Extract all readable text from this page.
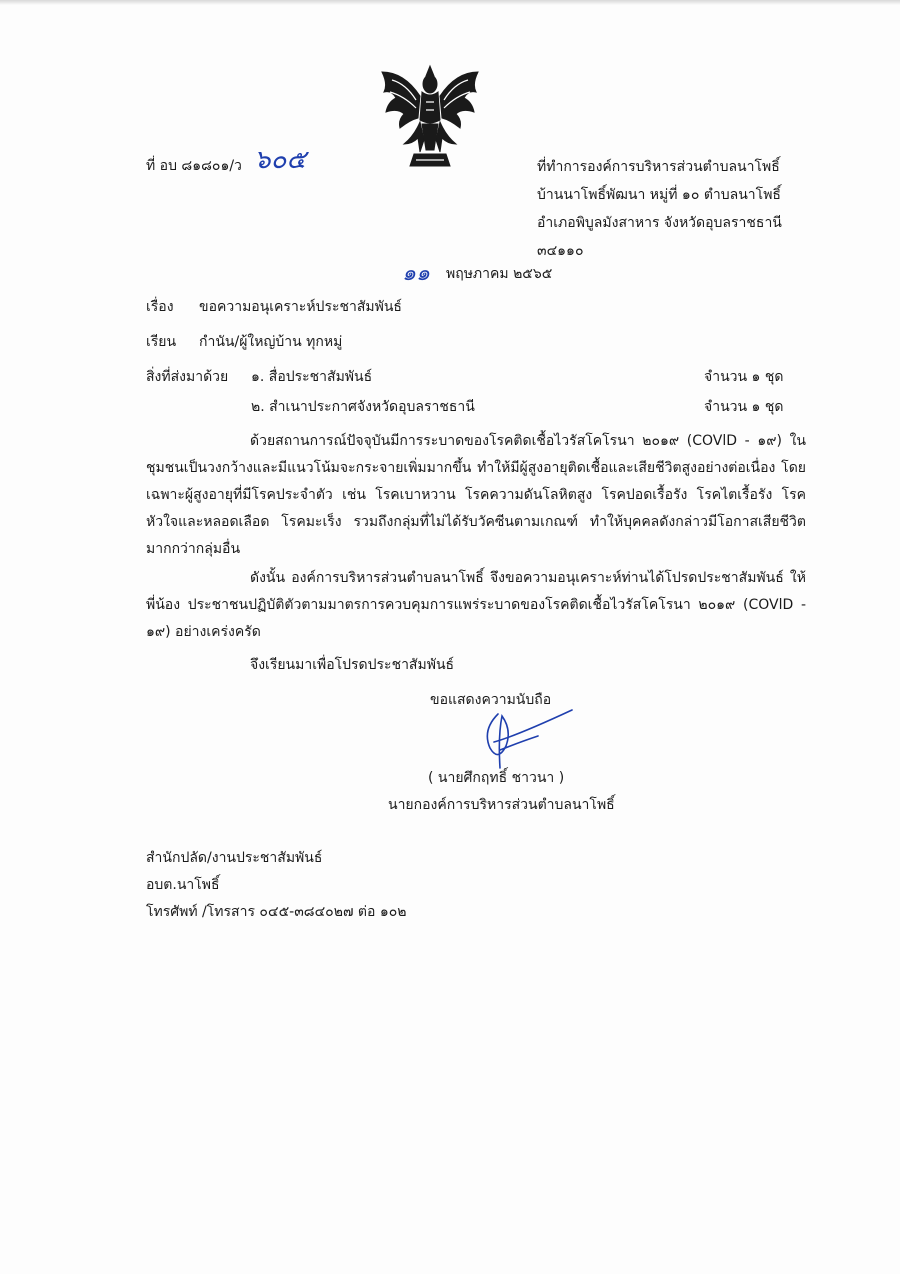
ที่ อบ ๘๑๘๐๑/ว ๖๐๕	ที่ทำการองค์การบริหารส่วนตำบลนาโพธิ์
บ้านนาโพธิ์พัฒนา หมู่ที่ ๑๐ ตำบลนาโพธิ์
อำเภอพิบูลมังสาหาร จังหวัดอุบลราชธานี
๓๔๑๑๐
๑๑ พฤษภาคม ๒๕๖๕
เรื่อง ขอความอนุเคราะห์ประชาสัมพันธ์
เรียน กำนัน/ผู้ใหญ่บ้าน ทุกหมู่
สิ่งที่ส่งมาด้วย ๑. สื่อประชาสัมพันธ์	จำนวน ๑ ชุด
๒. สำเนาประกาศจังหวัดอุบลราชธานี	จำนวน ๑ ชุด
ด้วยสถานการณ์ปัจจุบันมีการระบาดของโรคติดเชื้อไวรัสโคโรนา ๒๐๑๙ (COVlD - ๑๙) ในชุมชนเป็นวงกว้างและมีแนวโน้มจะกระจายเพิ่มมากขึ้น ทำให้มีผู้สูงอายุติดเชื้อและเสียชีวิตสูงอย่างต่อเนื่อง โดยเฉพาะผู้สูงอายุที่มีโรคประจำตัว เช่น โรคเบาหวาน โรคความดันโลหิตสูง โรคปอดเรื้อรัง โรคไตเรื้อรัง โรคหัวใจและหลอดเลือด โรคมะเร็ง รวมถึงกลุ่มที่ไม่ได้รับวัคซีนตามเกณฑ์ ทำให้บุคคลดังกล่าวมีโอกาสเสียชีวิตมากกว่ากลุ่มอื่น
ดังนั้น องค์การบริหารส่วนตำบลนาโพธิ์ จึงขอความอนุเคราะห์ท่านได้โปรดประชาสัมพันธ์ ให้พี่น้อง ประชาชนปฏิบัติตัวตามมาตรการควบคุมการแพร่ระบาดของโรคติดเชื้อไวรัสโคโรนา ๒๐๑๙ (COVlD - ๑๙) อย่างเคร่งครัด
จึงเรียนมาเพื่อโปรดประชาสัมพันธ์
ขอแสดงความนับถือ
( นายศึกฤทธิ์ ชาวนา )
นายกองค์การบริหารส่วนตำบลนาโพธิ์
สำนักปลัด/งานประชาสัมพันธ์
อบต.นาโพธิ์
โทรศัพท์ /โทรสาร ๐๔๕-๓๘๔๐๒๗ ต่อ ๑๐๒
